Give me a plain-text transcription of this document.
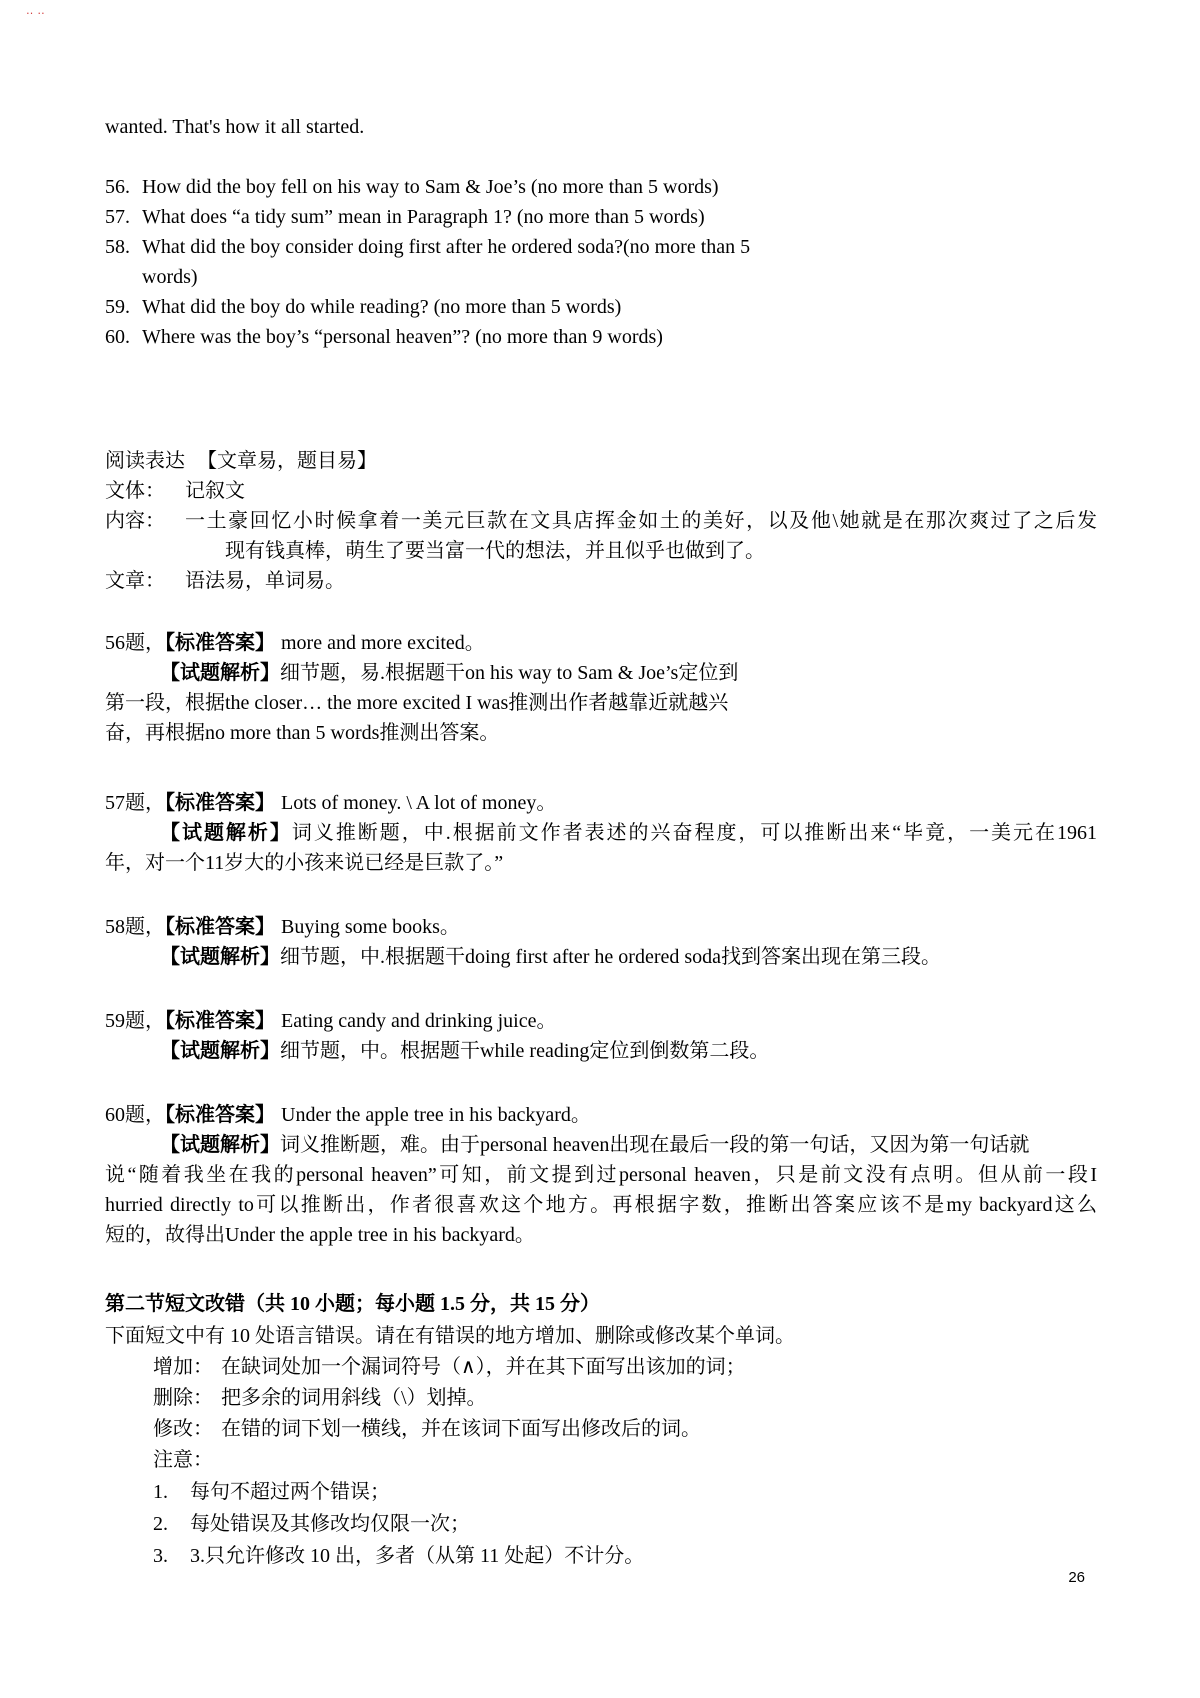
‥‥
wanted. That's how it all started.
56. How did the boy fell on his way to Sam & Joe’s (no more than 5 words)
57. What does “a tidy sum” mean in Paragraph 1? (no more than 5 words)
58. What did the boy consider doing first after he ordered soda?(no more than 5
words)
59. What did the boy do while reading? (no more than 5 words)
60. Where was the boy’s “personal heaven”? (no more than 9 words)
阅读表达 【文章易，题目易】
文体：	记叙文
内容：	一土豪回忆小时候拿着一美元巨款在文具店挥金如土的美好，以及他\她就是在那次爽过了之后发
现有钱真棒，萌生了要当富一代的想法，并且似乎也做到了。
文章：	语法易，单词易。
56题，【标准答案】 more and more excited。
【试题解析】细节题，易.根据题干on his way to Sam & Joe’s定位到
第一段，根据the closer… the more excited I was推测出作者越靠近就越兴
奋，再根据no more than 5 words推测出答案。
57题，【标准答案】 Lots of money. \ A lot of money。
【试题解析】词义推断题，中.根据前文作者表述的兴奋程度，可以推断出来“毕竟，一美元在1961
年，对一个11岁大的小孩来说已经是巨款了。”
58题，【标准答案】 Buying some books。
【试题解析】细节题，中.根据题干doing first after he ordered soda找到答案出现在第三段。
59题，【标准答案】 Eating candy and drinking juice。
【试题解析】细节题，中。根据题干while reading定位到倒数第二段。
60题，【标准答案】 Under the apple tree in his backyard。
【试题解析】词义推断题，难。由于personal heaven出现在最后一段的第一句话，又因为第一句话就
说“随着我坐在我的personal heaven”可知，前文提到过personal heaven，只是前文没有点明。但从前一段I
hurried directly to可以推断出，作者很喜欢这个地方。再根据字数，推断出答案应该不是my backyard这么
短的，故得出Under the apple tree in his backyard。
第二节短文改错（共 10 小题；每小题 1.5 分，共 15 分）
下面短文中有 10 处语言错误。请在有错误的地方增加、删除或修改某个单词。
增加： 在缺词处加一个漏词符号（∧），并在其下面写出该加的词；
删除： 把多余的词用斜线（\）划掉。
修改： 在错的词下划一横线，并在该词下面写出修改后的词。
注意：
1.	每句不超过两个错误；
2.	每处错误及其修改均仅限一次；
3.	3.只允许修改 10 出，多者（从第 11 处起）不计分。
26
